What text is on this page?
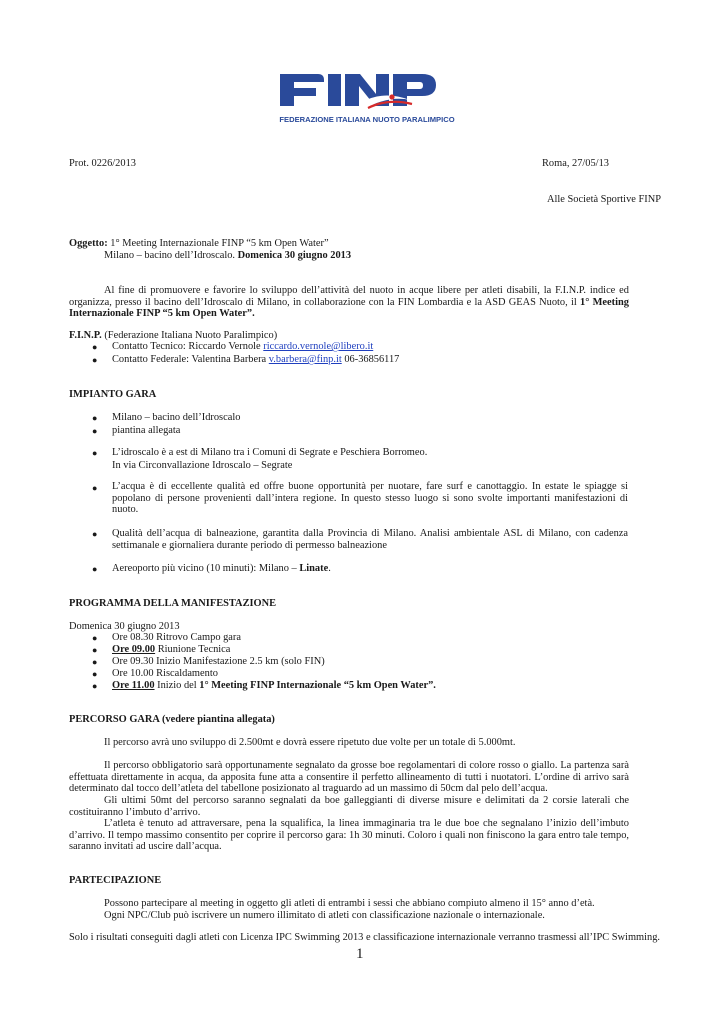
FEDERAZIONE ITALIANA NUOTO PARALIMPICO
Prot. 0226/2013	Roma, 27/05/13
Alle Società Sportive FINP
Oggetto: 1° Meeting Internazionale FINP “5 km Open Water”
Milano – bacino dell’Idroscalo. Domenica 30 giugno 2013
Al fine di promuovere e favorire lo sviluppo dell’attività del nuoto in acque libere per atleti disabili, la F.I.N.P. indice ed organizza, presso il bacino dell’Idroscalo di Milano, in collaborazione con la FIN Lombardia e la ASD GEAS Nuoto, il 1° Meeting Internazionale FINP “5 km Open Water”.
F.I.N.P. (Federazione Italiana Nuoto Paralimpico)
● Contatto Tecnico: Riccardo Vernole riccardo.vernole@libero.it
● Contatto Federale: Valentina Barbera v.barbera@finp.it 06-36856117
IMPIANTO GARA
● Milano – bacino dell’Idroscalo
● piantina allegata
● L’idroscalo è a est di Milano tra i Comuni di Segrate e Peschiera Borromeo.
In via Circonvallazione Idroscalo – Segrate
● L’acqua è di eccellente qualità ed offre buone opportunità per nuotare, fare surf e canottaggio. In estate le spiagge si popolano di persone provenienti dall’intera regione. In questo stesso luogo si sono svolte importanti manifestazioni di nuoto.
● Qualità dell’acqua di balneazione, garantita dalla Provincia di Milano. Analisi ambientale ASL di Milano, con cadenza settimanale e giornaliera durante periodo di permesso balneazione
● Aereoporto più vicino (10 minuti): Milano – Linate.
PROGRAMMA DELLA MANIFESTAZIONE
Domenica 30 giugno 2013
● Ore 08.30 Ritrovo Campo gara
● Ore 09.00 Riunione Tecnica
● Ore 09.30 Inizio Manifestazione 2.5 km (solo FIN)
● Ore 10.00 Riscaldamento
● Ore 11.00 Inizio del 1° Meeting FINP Internazionale “5 km Open Water”.
PERCORSO GARA (vedere piantina allegata)
Il percorso avrà uno sviluppo di 2.500mt e dovrà essere ripetuto due volte per un totale di 5.000mt.
Il percorso obbligatorio sarà opportunamente segnalato da grosse boe regolamentari di colore rosso o giallo. La partenza sarà effettuata direttamente in acqua, da apposita fune atta a consentire il perfetto allineamento di tutti i nuotatori. L’ordine di arrivo sarà determinato dal tocco dell’atleta del tabellone posizionato al traguardo ad un massimo di 50cm dal pelo dell’acqua.
Gli ultimi 50mt del percorso saranno segnalati da boe galleggianti di diverse misure e delimitati da 2 corsie laterali che costituiranno l’imbuto d’arrivo.
L’atleta è tenuto ad attraversare, pena la squalifica, la linea immaginaria tra le due boe che segnalano l’inizio dell’imbuto d’arrivo. Il tempo massimo consentito per coprire il percorso gara: 1h 30 minuti. Coloro i quali non finiscono la gara entro tale tempo, saranno invitati ad uscire dall’acqua.
PARTECIPAZIONE
Possono partecipare al meeting in oggetto gli atleti di entrambi i sessi che abbiano compiuto almeno il 15° anno d’età.
Ogni NPC/Club può iscrivere un numero illimitato di atleti con classificazione nazionale o internazionale.
Solo i risultati conseguiti dagli atleti con Licenza IPC Swimming 2013 e classificazione internazionale verranno trasmessi all’IPC Swimming.
1
